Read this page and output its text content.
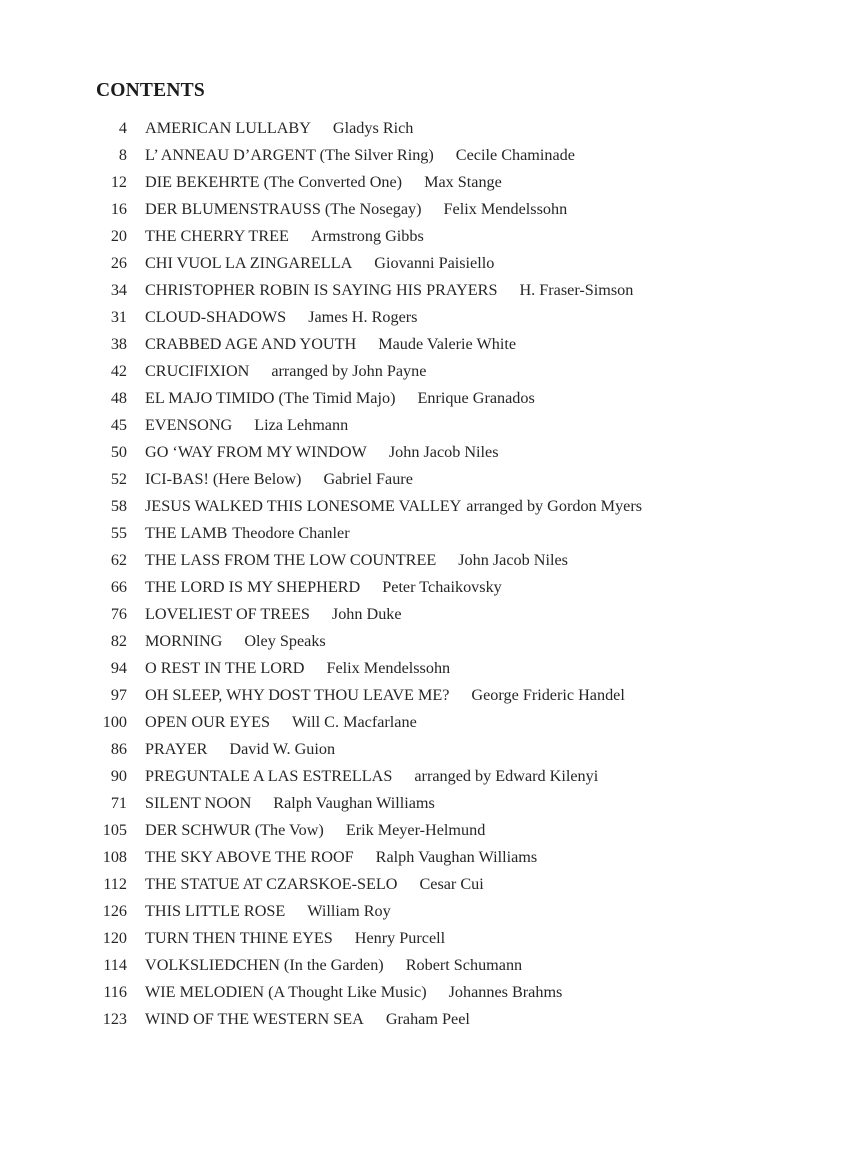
CONTENTS
4 AMERICAN LULLABY Gladys Rich
8 L’ ANNEAU D’ARGENT (The Silver Ring) Cecile Chaminade
12 DIE BEKEHRTE (The Converted One) Max Stange
16 DER BLUMENSTRAUSS (The Nosegay) Felix Mendelssohn
20 THE CHERRY TREE Armstrong Gibbs
26 CHI VUOL LA ZINGARELLA Giovanni Paisiello
34 CHRISTOPHER ROBIN IS SAYING HIS PRAYERS H. Fraser-Simson
31 CLOUD-SHADOWS James H. Rogers
38 CRABBED AGE AND YOUTH Maude Valerie White
42 CRUCIFIXION arranged by John Payne
48 EL MAJO TIMIDO (The Timid Majo) Enrique Granados
45 EVENSONG Liza Lehmann
50 GO ‘WAY FROM MY WINDOW John Jacob Niles
52 ICI-BAS! (Here Below) Gabriel Faure
58 JESUS WALKED THIS LONESOME VALLEY arranged by Gordon Myers
55 THE LAMB Theodore Chanler
62 THE LASS FROM THE LOW COUNTREE John Jacob Niles
66 THE LORD IS MY SHEPHERD Peter Tchaikovsky
76 LOVELIEST OF TREES John Duke
82 MORNING Oley Speaks
94 O REST IN THE LORD Felix Mendelssohn
97 OH SLEEP, WHY DOST THOU LEAVE ME? George Frideric Handel
100 OPEN OUR EYES Will C. Macfarlane
86 PRAYER David W. Guion
90 PREGUNTALE A LAS ESTRELLAS arranged by Edward Kilenyi
71 SILENT NOON Ralph Vaughan Williams
105 DER SCHWUR (The Vow) Erik Meyer-Helmund
108 THE SKY ABOVE THE ROOF Ralph Vaughan Williams
112 THE STATUE AT CZARSKOE-SELO Cesar Cui
126 THIS LITTLE ROSE William Roy
120 TURN THEN THINE EYES Henry Purcell
114 VOLKSLIEDCHEN (In the Garden) Robert Schumann
116 WIE MELODIEN (A Thought Like Music) Johannes Brahms
123 WIND OF THE WESTERN SEA Graham Peel
